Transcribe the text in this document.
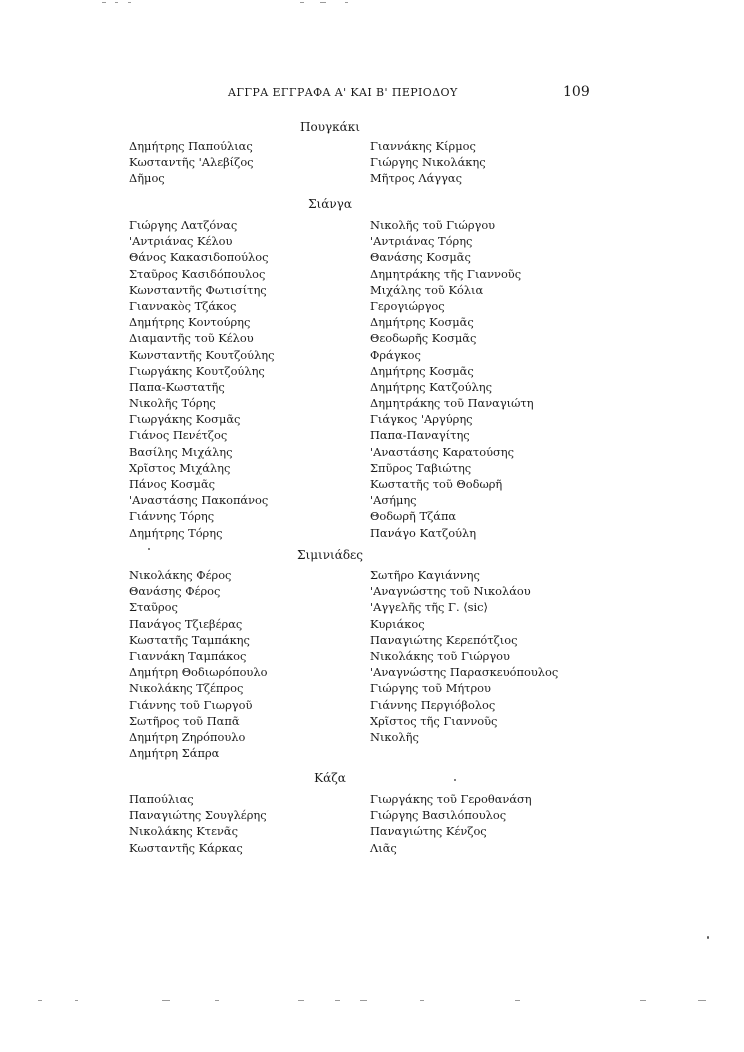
ΑΓΓΡΑ ΕΓΓΡΑΦΑ Α' ΚΑΙ Β' ΠΕΡΙΟΔΟΥ	109
Πουγκάκι
Δημήτρης Παπούλιας
Κωσταντῆς 'Αλεβίζος
Δῆμος
Γιαννάκης Κίρμος
Γιώργης Νικολάκης
Μῆτρος Λάγγας
Σιάνγα
Γιώργης Λατζόνας
'Αντριάνας Κέλου
Θάνος Κακασιδοπούλος
Σταῦρος Κασιδόπουλος
Κωνσταντῆς Φωτισίτης
Γιαννακὸς Τζάκος
Δημήτρης Κοντούρης
Διαμαντῆς τοῦ Κέλου
Κωνσταντῆς Κουτζούλης
Γιωργάκης Κουτζούλης
Παπα-Κωστατῆς
Νικολῆς Τόρης
Γιωργάκης Κοσμᾶς
Γιάνος Πενέτζος
Βασίλης Μιχάλης
Χρῖστος Μιχάλης
Πάνος Κοσμᾶς
'Αναστάσης Πακοπάνος
Γιάννης Τόρης
Δημήτρης Τόρης
Νικολῆς τοῦ Γιώργου
'Αντριάνας Τόρης
Θανάσης Κοσμᾶς
Δημητράκης τῆς Γιαννοῦς
Μιχάλης τοῦ Κόλια
Γερογιώργος
Δημήτρης Κοσμᾶς
Θεοδωρῆς Κοσμᾶς
Φράγκος
Δημήτρης Κοσμᾶς
Δημήτρης Κατζούλης
Δημητράκης τοῦ Παναγιώτη
Γιάγκος 'Αργύρης
Παπα-Παναγίτης
'Αναστάσης Καρατούσης
Σπῦρος Ταβιώτης
Κωστατῆς τοῦ Θοδωρῆ
'Ασήμης
Θοδωρῆ Τζάπα
Πανάγο Κατζούλη
Σιμινιάδες
Νικολάκης Φέρος
Θανάσης Φέρος
Σταῦρος
Πανάγος Τζιεβέρας
Κωστατῆς Ταμπάκης
Γιαννάκη Ταμπάκος
Δημήτρη Θοδιωρόπουλο
Νικολάκης Τζέπρος
Γιάννης τοῦ Γιωργοῦ
Σωτῆρος τοῦ Παπᾶ
Δημήτρη Ζηρόπουλο
Δημήτρη Σάπρα
Σωτῆρο Καγιάννης
'Αναγνώστης τοῦ Νικολάου
'Αγγελῆς τῆς Γ. ⟨sic⟩
Κυριάκος
Παναγιώτης Κερεπότζιος
Νικολάκης τοῦ Γιώργου
'Αναγνώστης Παρασκευόπουλος
Γιώργης τοῦ Μήτρου
Γιάννης Περγιόβολος
Χρῖστος τῆς Γιαννοῦς
Νικολῆς
Κάζα
Παπούλιας
Παναγιώτης Σουγλέρης
Νικολάκης Κτενᾶς
Κωσταντῆς Κάρκας
Γιωργάκης τοῦ Γεροθανάση
Γιώργης Βασιλόπουλος
Παναγιώτης Κένζος
Λιᾶς
